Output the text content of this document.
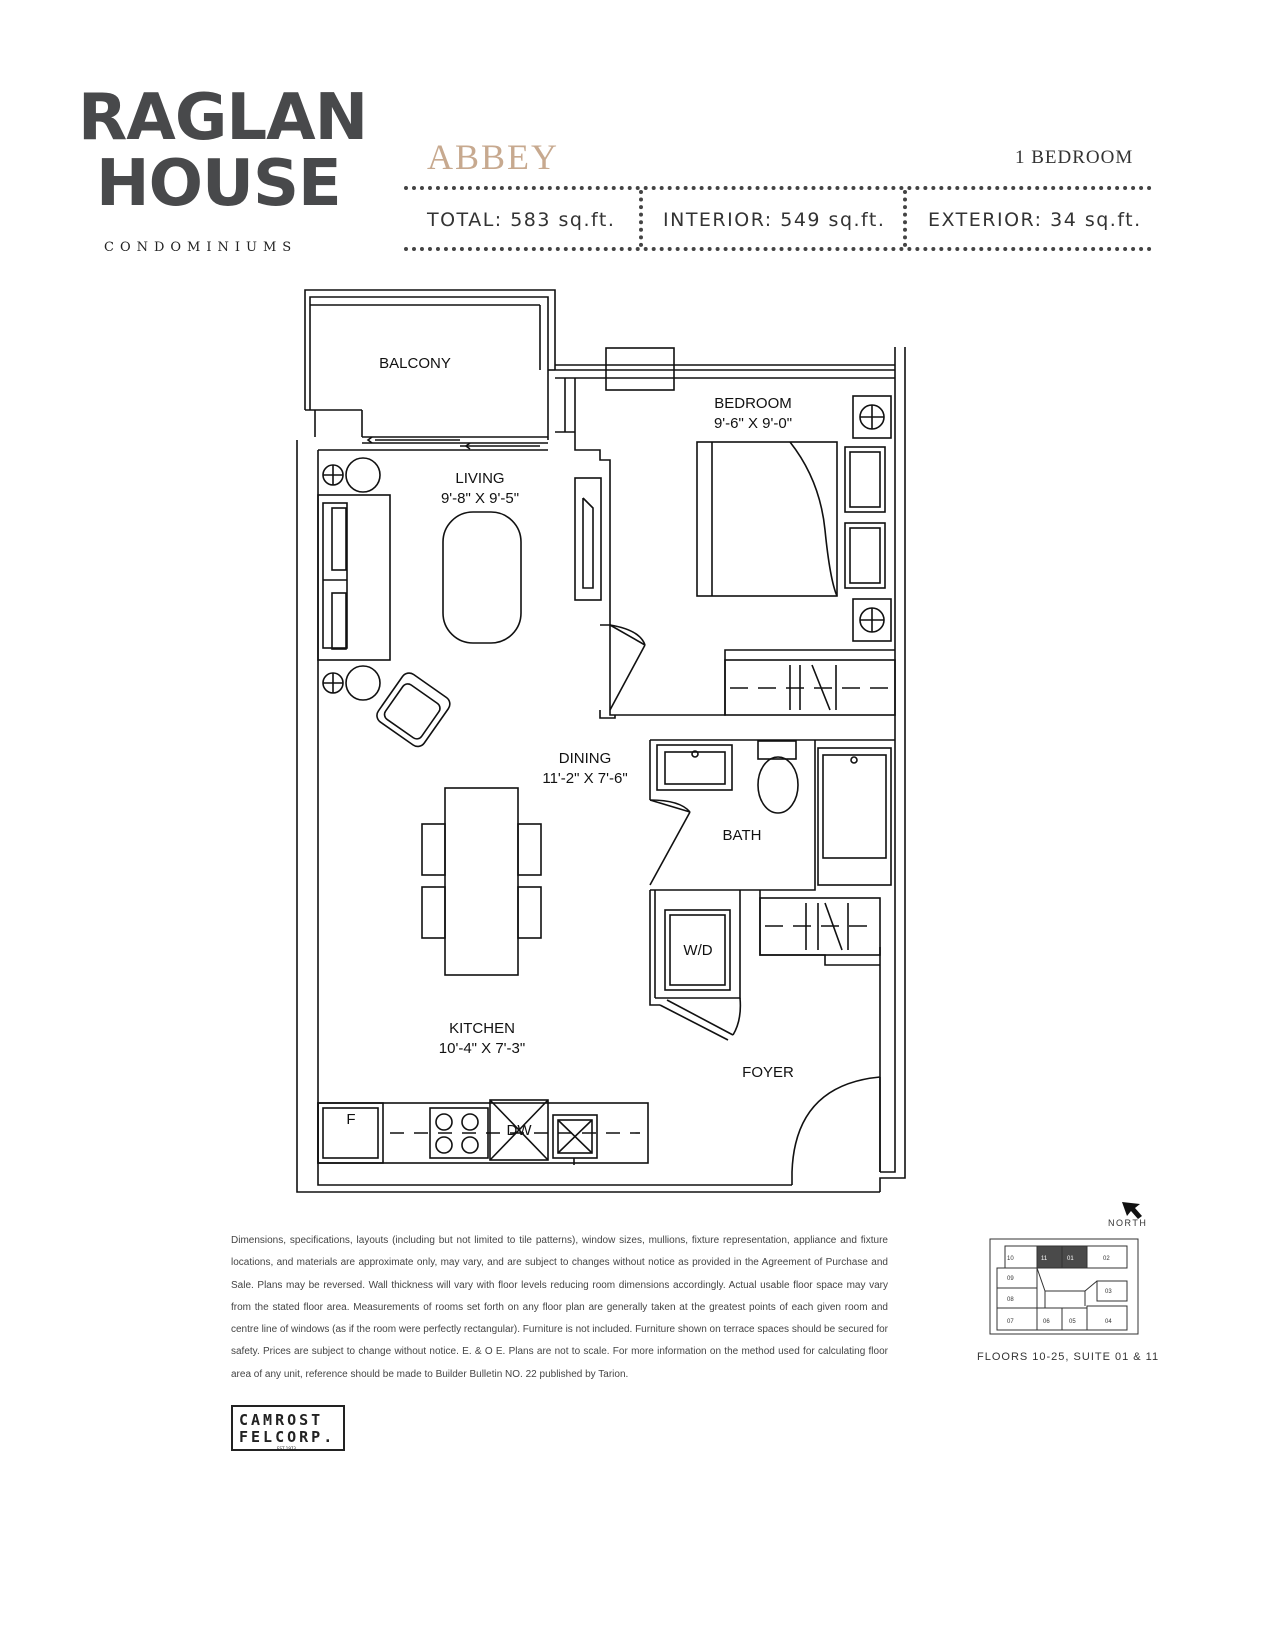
RAGLAN
HOUSE
CONDOMINIUMS
ABBEY	1 BEDROOM
TOTAL: 583 sq.ft.	INTERIOR: 549 sq.ft. EXTERIOR: 34 sq.ft.
BALCONY
BEDROOM
9'-6" X 9'-0"
LIVING
9'-8" X 9'-5"
DINING
11'-2" X 7'-6"
BATH
W/D
KITCHEN
10'-4" X 7'-3"
FOYER
F
DW
Dimensions, specifications, layouts (including but not limited to tile patterns), window sizes, mullions, fixture representation, appliance and fixture locations, and materials are approximate only, may vary, and are subject to changes without notice as provided in the Agreement of Purchase and Sale. Plans may be reversed. Wall thickness will vary with floor levels reducing room dimensions accordingly. Actual usable floor space may vary from the stated floor area. Measurements of rooms set forth on any floor plan are generally taken at the greatest points of each given room and centre line of windows (as if the room were perfectly rectangular). Furniture is not included. Furniture shown on terrace spaces should be secured for safety. Prices are subject to change without notice. E. & O E. Plans are not to scale. For more information on the method used for calculating floor area of any unit, reference should be made to Builder Bulletin NO. 22 published by Tarion.
NORTH
10	11	01	02
09
03
08
07	06	05	04
FLOORS 10-25, SUITE 01 & 11
CAMROST
FELCORP.
EST 1973
